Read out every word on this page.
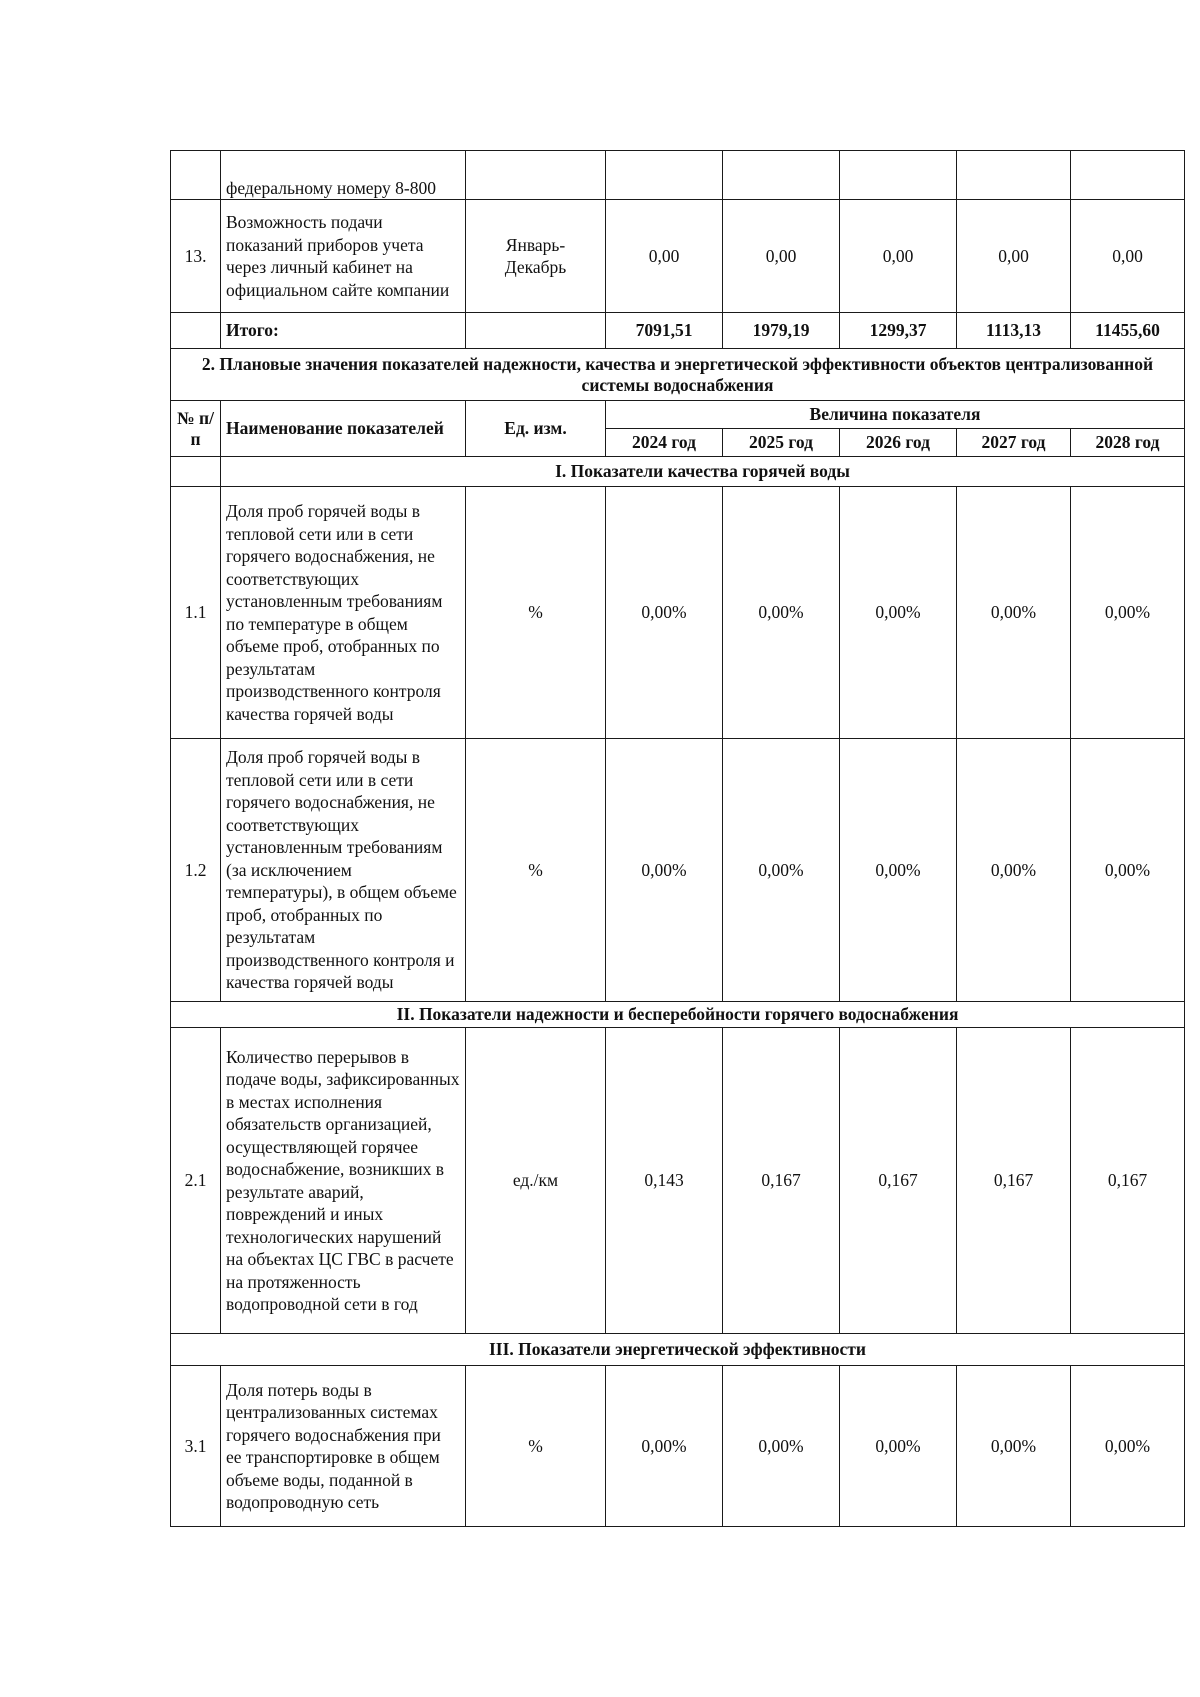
	федеральному номеру 8-800						
13.	Возможность подачи показаний приборов учета через личный кабинет на официальном сайте компании	Январь-Декабрь	0,00	0,00	0,00	0,00	0,00
	Итого:		7091,51	1979,19	1299,37	1113,13	11455,60
2. Плановые значения показателей надежности, качества и энергетической эффективности объектов централизованной системы водоснабжения							
№ п/п	Наименование показателей	Ед. изм.	Величина показателя				
			2024 год	2025 год	2026 год	2027 год	2028 год
	I. Показатели качества горячей воды						
1.1	Доля проб горячей воды в тепловой сети или в сети горячего водоснабжения, не соответствующих установленным требованиям по температуре в общем объеме проб, отобранных по результатам производственного контроля качества горячей воды	%	0,00%	0,00%	0,00%	0,00%	0,00%
1.2	Доля проб горячей воды в тепловой сети или в сети горячего водоснабжения, не соответствующих установленным требованиям (за исключением температуры), в общем объеме проб, отобранных по результатам производственного контроля и качества горячей воды	%	0,00%	0,00%	0,00%	0,00%	0,00%
II. Показатели надежности и бесперебойности горячего водоснабжения							
2.1	Количество перерывов в подаче воды, зафиксированных в местах исполнения обязательств организацией, осуществляющей горячее водоснабжение, возникших в результате аварий, повреждений и иных технологических нарушений на объектах ЦС ГВС в расчете на протяженность водопроводной сети в год	ед./км	0,143	0,167	0,167	0,167	0,167
III. Показатели энергетической эффективности							
3.1	Доля потерь воды в централизованных системах горячего водоснабжения при ее транспортировке в общем объеме воды, поданной в водопроводную сеть	%	0,00%	0,00%	0,00%	0,00%	0,00%
